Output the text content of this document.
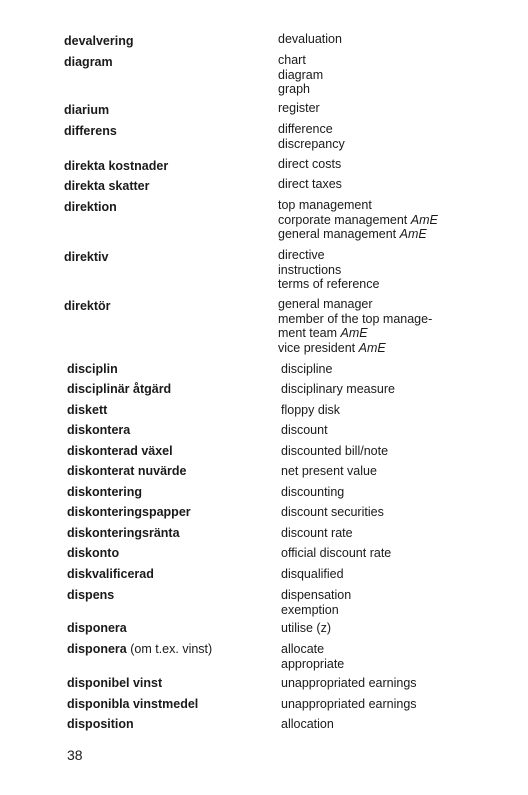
devalvering	devaluation
diagram	chart
diagram
graph
diarium	register
differens	difference
discrepancy
direkta kostnader	direct costs
direkta skatter	direct taxes
direktion	top management
corporate management AmE
general management AmE
direktiv	directive
instructions
terms of reference
direktör	general manager
member of the top manage-
ment team AmE
vice president AmE
disciplin	discipline
disciplinär åtgärd	disciplinary measure
diskett	floppy disk
diskontera	discount
diskonterad växel	discounted bill/note
diskonterat nuvärde	net present value
diskontering	discounting
diskonteringspapper	discount securities
diskonteringsränta	discount rate
diskonto	official discount rate
diskvalificerad	disqualified
dispens	dispensation
exemption
disponera	utilise (z)
disponera (om t.ex. vinst)	allocate
appropriate
disponibel vinst	unappropriated earnings
disponibla vinstmedel	unappropriated earnings
disposition	allocation
38
